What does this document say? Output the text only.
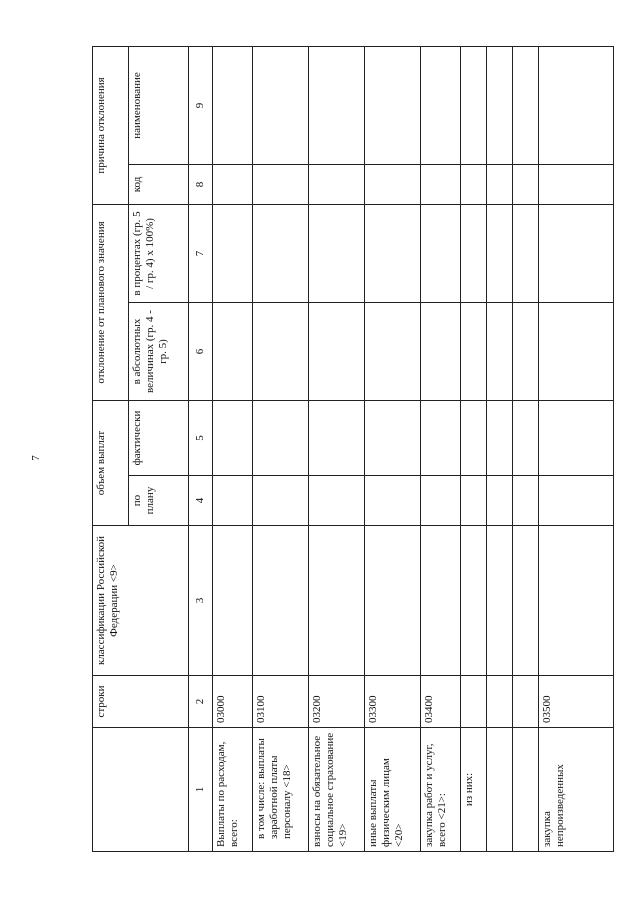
7
	строки	классификации Российской Федерации <9>	объем выплат		отклонение от планового значения		причина отклонения	
			по плану	фактически	в абсолютных величинах (гр. 4 - гр. 5)	в процентах (гр. 5 / гр. 4) x 100%)	код	наименование
1	2	3	4	5	6	7	8	9
Выплаты по расходам, всего:	03000							
в том числе: выплаты заработной платы персоналу <18>	03100							
взносы на обязательное социальное страхование <19>	03200							
иные выплаты физическим лицам <20>	03300							
закупка работ и услуг, всего <21>:	03400							
из них:								

закупка непроизведенных	03500							
